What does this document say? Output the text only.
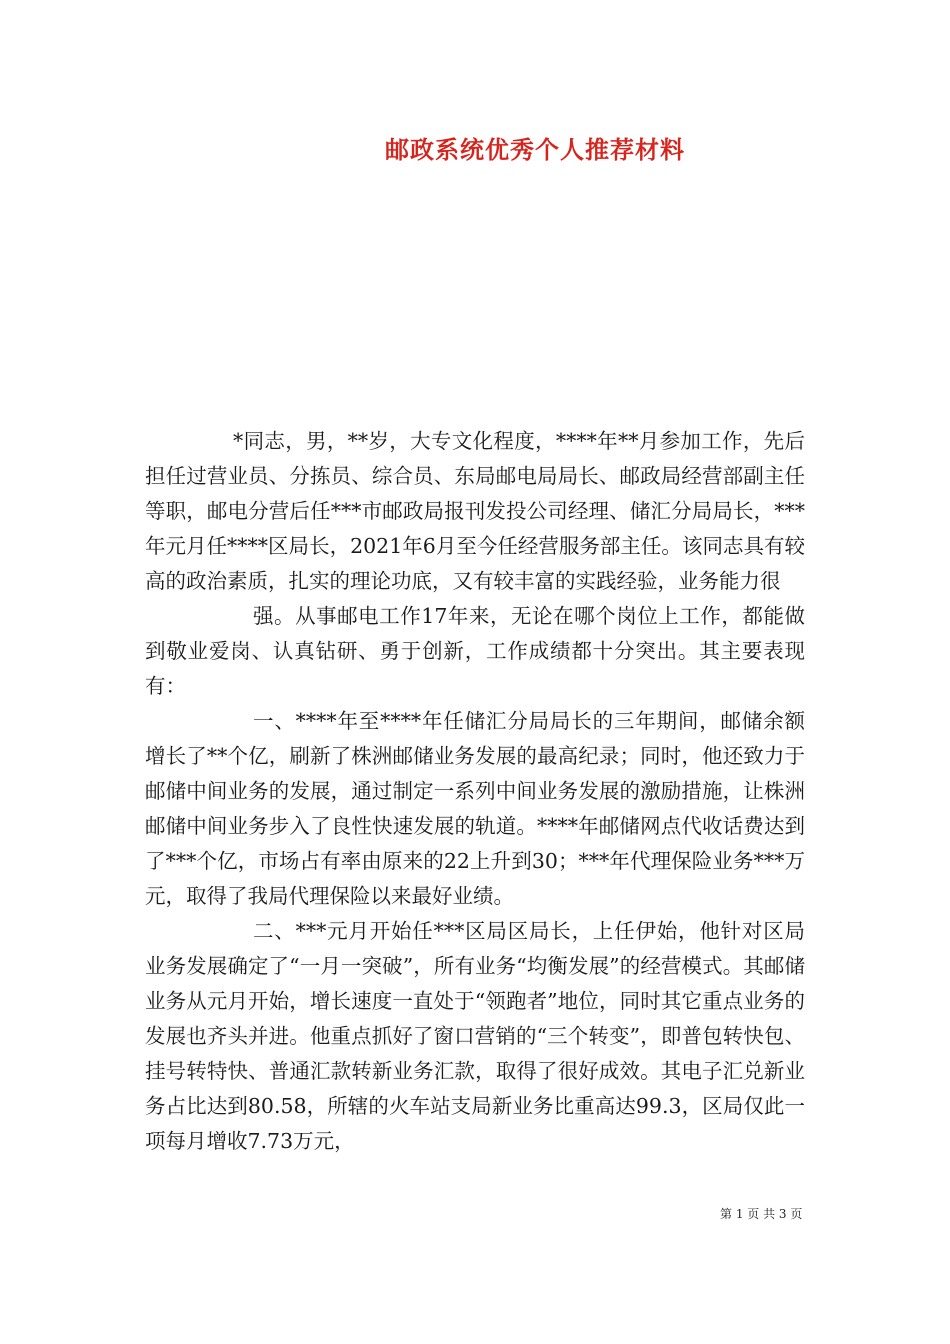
邮政系统优秀个人推荐材料

*同志，男，**岁，大专文化程度，****年**月参加工作，先后担任过营业员、分拣员、综合员、东局邮电局局长、邮政局经营部副主任等职，邮电分营后任***市邮政局报刊发投公司经理、储汇分局局长，***年元月任****区局长，2021年6月至今任经营服务部主任。该同志具有较高的政治素质，扎实的理论功底，又有较丰富的实践经验，业务能力很

强。从事邮电工作17年来，无论在哪个岗位上工作，都能做到敬业爱岗、认真钻研、勇于创新，工作成绩都十分突出。其主要表现有：

一、****年至****年任储汇分局局长的三年期间，邮储余额增长了**个亿，刷新了株洲邮储业务发展的最高纪录；同时，他还致力于邮储中间业务的发展，通过制定一系列中间业务发展的激励措施，让株洲邮储中间业务步入了良性快速发展的轨道。****年邮储网点代收话费达到了***个亿，市场占有率由原来的22上升到30；***年代理保险业务***万元，取得了我局代理保险以来最好业绩。

二、***元月开始任***区局区局长，上任伊始，他针对区局业务发展确定了“一月一突破”，所有业务“均衡发展”的经营模式。其邮储业务从元月开始，增长速度一直处于“领跑者”地位，同时其它重点业务的发展也齐头并进。他重点抓好了窗口营销的“三个转变”，即普包转快包、挂号转特快、普通汇款转新业务汇款，取得了很好成效。其电子汇兑新业务占比达到80.58，所辖的火车站支局新业务比重高达99.3，区局仅此一项每月增收7.73万元，

第 1 页 共 3 页
